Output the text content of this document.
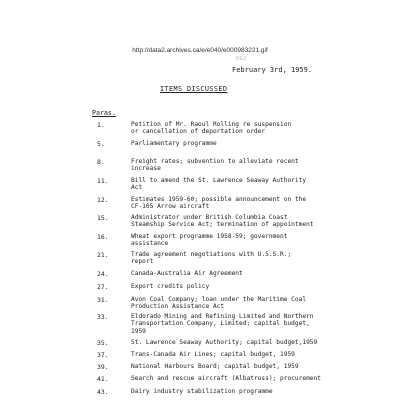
http://data2.archives.ca/e/e040/e000983221.gif
RG2
February 3rd, 1959.
ITEMS DISCUSSED
Paras.
1.	Petition of Mr. Raoul Rolling re suspension
or cancellation of deportation order
5.	Parliamentary programme
8.	Freight rates; subvention to alleviate recent
increase
11.	Bill to amend the St. Lawrence Seaway Authority
Act
12.	Estimates 1959-60; possible announcement on the
CF-105 Arrow aircraft
15.	Administrator under British Columbia Coast
Steamship Service Act; termination of appointment
16.	Wheat export programme 1958-59; government
assistance
21.	Trade agreement negotiations with U.S.S.R.;
report
24.	Canada-Australia Air Agreement
27.	Export credits policy
31.	Avon Coal Company; loan under the Maritime Coal
Production Assistance Act
33.	Eldorado Mining and Refining Limited and Northern
Transportation Company, Limited; capital budget,
1959
35.	St. Lawrence Seaway Authority; capital budget,1959
37.	Trans-Canada Air Lines; capital budget, 1959
39.	National Harbours Board; capital budget, 1959
41.	Search and rescue aircraft (Albatross); procurement
43.	Dairy industry stabilization programme
